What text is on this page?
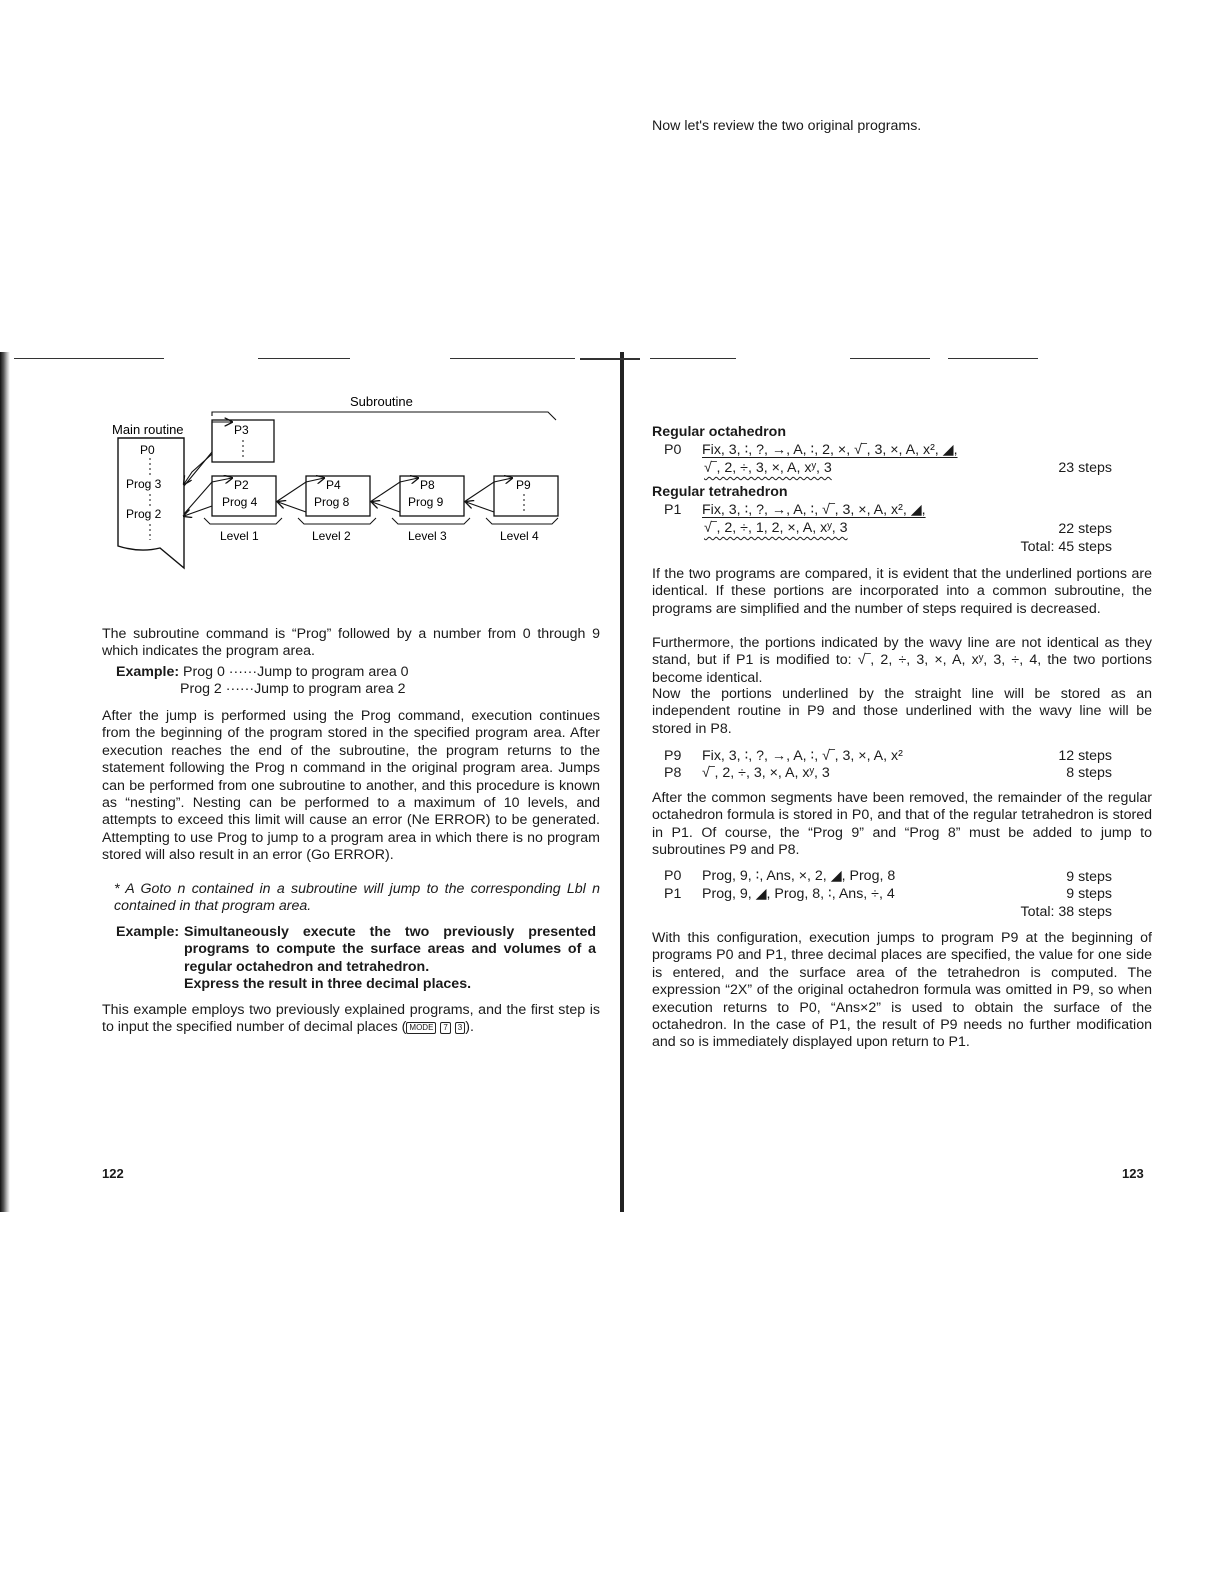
Main routine
Subroutine
P0
Prog 3
Prog 2
P3
P2
Prog 4
P4
Prog 8
P8
Prog 9
P9
Level 1	Level 2	Level 3	Level 4

The subroutine command is “Prog” followed by a number from 0 through 9 which indicates the program area.

Example: Prog 0 ······Jump to program area 0
Prog 2 ······Jump to program area 2

After the jump is performed using the Prog command, execution continues from the beginning of the program stored in the specified program area. After execution reaches the end of the subroutine, the program returns to the statement following the Prog n command in the original program area. Jumps can be performed from one subroutine to another, and this procedure is known as “nesting”. Nesting can be performed to a maximum of 10 levels, and attempts to exceed this limit will cause an error (Ne ERROR) to be generated. Attempting to use Prog to jump to a program area in which there is no program stored will also result in an error (Go ERROR).

* A Goto n contained in a subroutine will jump to the corresponding Lbl n contained in that program area.

Example: Simultaneously execute the two previously presented programs to compute the surface areas and volumes of a regular octahedron and tetrahedron.

Express the result in three decimal places.

This example employs two previously explained programs, and the first step is to input the specified number of decimal places ( MODE 7 3 ).

122
Now let's review the two original programs.
Regular octahedron
P0 Fix, 3, ∶, ?, →, A, ∶, 2, ×, √‾, 3, ×, A, x², ◢,
√‾, 2, ÷, 3, ×, A, xʸ, 3	23 steps
Regular tetrahedron
P1 Fix, 3, ∶, ?, →, A, ∶, √‾, 3, ×, A, x², ◢,
√‾, 2, ÷, 1, 2, ×, A, xʸ, 3	22 steps
Total: 45 steps

If the two programs are compared, it is evident that the underlined portions are identical. If these portions are incorporated into a common subroutine, the programs are simplified and the number of steps required is decreased.

Furthermore, the portions indicated by the wavy line are not identical as they stand, but if P1 is modified to: √‾, 2, ÷, 3, ×, A, xʸ, 3, ÷, 4, the two portions become identical.

Now the portions underlined by the straight line will be stored as an independent routine in P9 and those underlined with the wavy line will be stored in P8.

P9 Fix, 3, ∶, ?, →, A, ∶, √‾, 3, ×, A, x²	12 steps
P8 √‾, 2, ÷, 3, ×, A, xʸ, 3	8 steps

After the common segments have been removed, the remainder of the regular octahedron formula is stored in P0, and that of the regular tetrahedron is stored in P1. Of course, the “Prog 9” and “Prog 8” must be added to jump to subroutines P9 and P8.

P0 Prog, 9, ∶, Ans, ×, 2, ◢, Prog, 8	9 steps
P1 Prog, 9, ◢, Prog, 8, ∶, Ans, ÷, 4	9 steps
Total: 38 steps

With this configuration, execution jumps to program P9 at the beginning of programs P0 and P1, three decimal places are specified, the value for one side is entered, and the surface area of the tetrahedron is computed. The expression “2X” of the original octahedron formula was omitted in P9, so when execution returns to P0, “Ans×2” is used to obtain the surface of the octahedron. In the case of P1, the result of P9 needs no further modification and so is immediately displayed upon return to P1.

123
